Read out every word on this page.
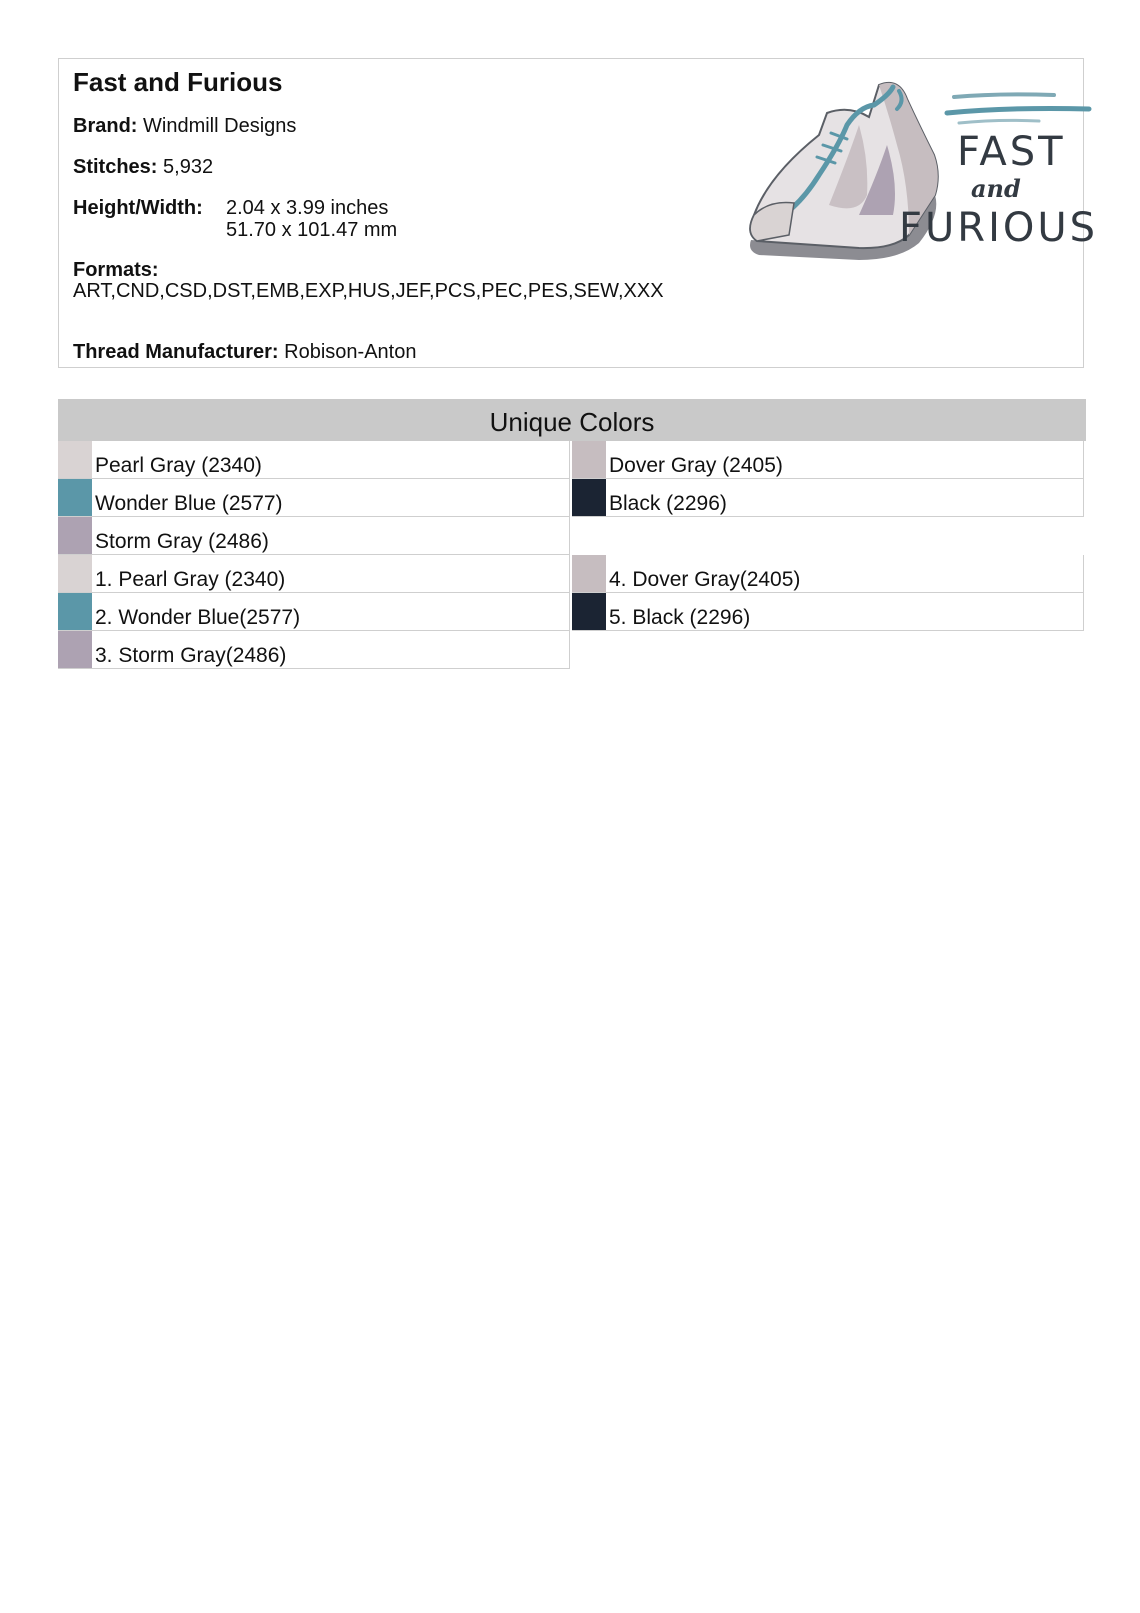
Fast and Furious
Brand: Windmill Designs
Stitches: 5,932
Height/Width: 2.04 x 3.99 inches
51.70 x 101.47 mm
Formats:
ART,CND,CSD,DST,EMB,EXP,HUS,JEF,PCS,PEC,PES,SEW,XXX
Thread Manufacturer: Robison-Anton
FAST
and
FURIOUS
Unique Colors
Pearl Gray (2340)	Dover Gray (2405)
Wonder Blue (2577)	Black (2296)
Storm Gray (2486)
1. Pearl Gray (2340)	4. Dover Gray(2405)
2. Wonder Blue(2577)	5. Black (2296)
3. Storm Gray(2486)
